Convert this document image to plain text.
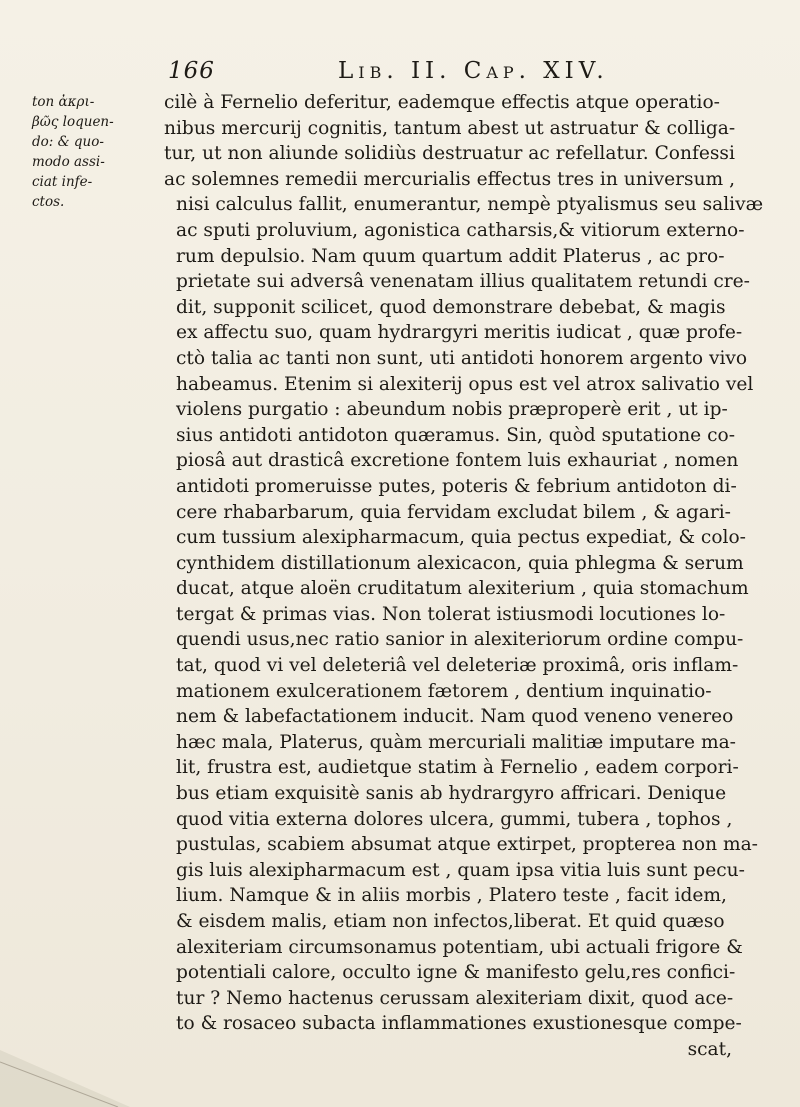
166	Lib. II. Cap. XIV.
ton ἀκρι-
βῶς loquen-
do: & quo-
modo assi-
ciat infe-
ctos.
cilè à Fernelio deferitur, eademque effectis atque operatio-
nibus mercurij cognitis, tantum abest ut astruatur & colliga-
tur, ut non aliunde solidiùs destruatur ac refellatur. Confessi
ac solemnes remedii mercurialis effectus tres in universum ,
nisi calculus fallit, enumerantur, nempè ptyalismus seu salivæ
ac sputi proluvium, agonistica catharsis,& vitiorum externo-
rum depulsio. Nam quum quartum addit Platerus , ac pro-
prietate sui adversâ venenatam illius qualitatem retundi cre-
dit, supponit scilicet, quod demonstrare debebat, & magis
ex affectu suo, quam hydrargyri meritis iudicat , quæ profe-
ctò talia ac tanti non sunt, uti antidoti honorem argento vivo
habeamus. Etenim si alexiterij opus est vel atrox salivatio vel
violens purgatio : abeundum nobis præproperè erit , ut ip-
sius antidoti antidoton quæramus. Sin, quòd sputatione co-
piosâ aut drasticâ excretione fontem luis exhauriat , nomen
antidoti promeruisse putes, poteris & febrium antidoton di-
cere rhabarbarum, quia fervidam excludat bilem , & agari-
cum tussium alexipharmacum, quia pectus expediat, & colo-
cynthidem distillationum alexicacon, quia phlegma & serum
ducat, atque aloën cruditatum alexiterium , quia stomachum
tergat & primas vias. Non tolerat istiusmodi locutiones lo-
quendi usus,nec ratio sanior in alexiteriorum ordine compu-
tat, quod vi vel deleteriâ vel deleteriæ proximâ, oris inflam-
mationem exulcerationem fætorem , dentium inquinatio-
nem & labefactationem inducit. Nam quod veneno venereo
hæc mala, Platerus, quàm mercuriali malitiæ imputare ma-
lit, frustra est, audietque statim à Fernelio , eadem corpori-
bus etiam exquisitè sanis ab hydrargyro affricari. Denique
quod vitia externa dolores ulcera, gummi, tubera , tophos ,
pustulas, scabiem absumat atque extirpet, propterea non ma-
gis luis alexipharmacum est , quam ipsa vitia luis sunt pecu-
lium. Namque & in aliis morbis , Platero teste , facit idem,
& eisdem malis, etiam non infectos,liberat. Et quid quæso
alexiteriam circumsonamus potentiam, ubi actuali frigore &
potentiali calore, occulto igne & manifesto gelu,res confici-
tur ? Nemo hactenus cerussam alexiteriam dixit, quod ace-
to & rosaceo subacta inflammationes exustionesque compe-
scat,
